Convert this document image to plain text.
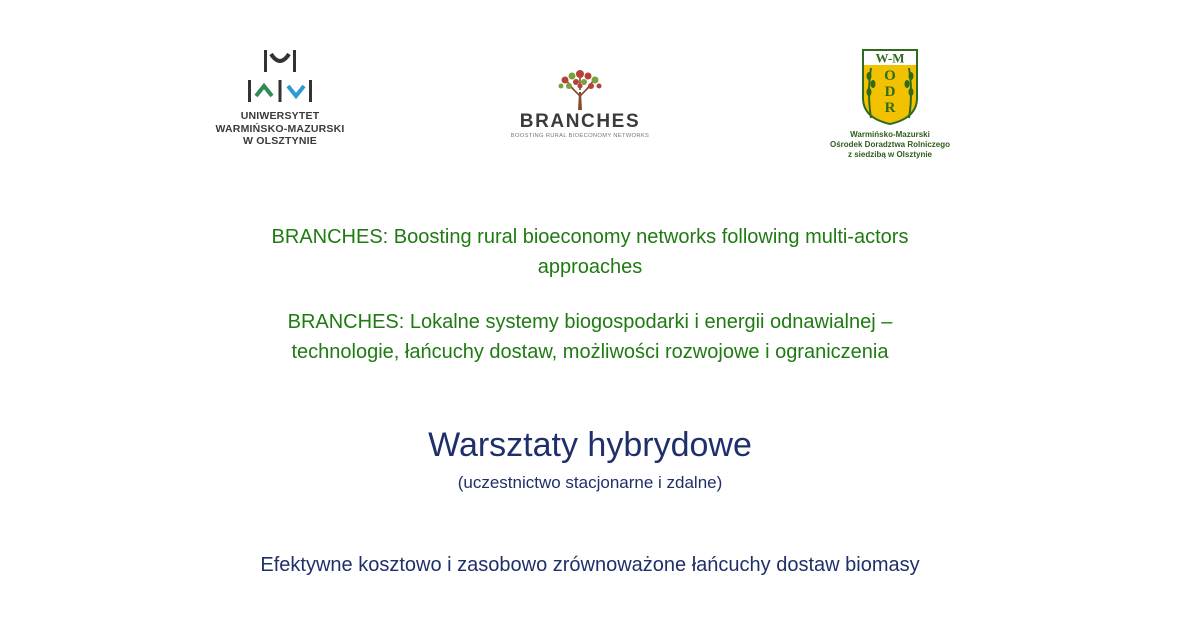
UNIWERSYTET
WARMIŃSKO-MAZURSKI
W OLSZTYNIE
BRANCHES
BOOSTING RURAL BIOECONOMY NETWORKS
W-M
O
D
R
Warmińsko-Mazurski
Ośrodek Doradztwa Rolniczego
z siedzibą w Olsztynie
BRANCHES: Boosting rural bioeconomy networks following multi-actors
approaches
BRANCHES: Lokalne systemy biogospodarki i energii odnawialnej –
technologie, łańcuchy dostaw, możliwości rozwojowe i ograniczenia
Warsztaty hybrydowe
(uczestnictwo stacjonarne i zdalne)
Efektywne kosztowo i zasobowo zrównoważone łańcuchy dostaw biomasy
